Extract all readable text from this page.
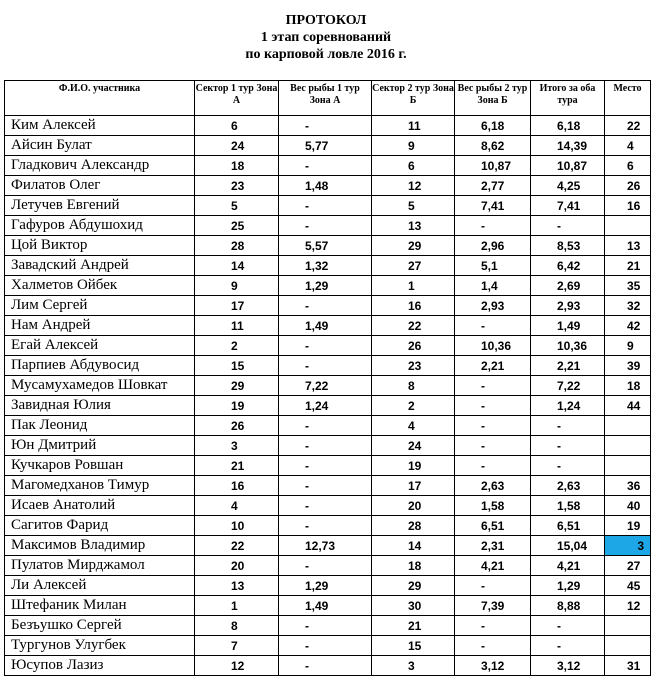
ПРОТОКОЛ
1 этап соревнований
по карповой ловле 2016 г.
Ф.И.О. участника	Сектор 1 тур Зона А	Вес рыбы 1 тур Зона А	Сектор 2 тур Зона Б	Вес рыбы 2 тур Зона Б	Итого за оба тура	Место
Ким Алексей	6	-	11	6,18	6,18	22
Айсин Булат	24	5,77	9	8,62	14,39	4
Гладкович Александр	18	-	6	10,87	10,87	6
Филатов Олег	23	1,48	12	2,77	4,25	26
Летучев Евгений	5	-	5	7,41	7,41	16
Гафуров Абдушохид	25	-	13	-	-	
Цой Виктор	28	5,57	29	2,96	8,53	13
Завадский Андрей	14	1,32	27	5,1	6,42	21
Халметов Ойбек	9	1,29	1	1,4	2,69	35
Лим Сергей	17	-	16	2,93	2,93	32
Нам Андрей	11	1,49	22	-	1,49	42
Егай Алексей	2	-	26	10,36	10,36	9
Парпиев Абдувосид	15	-	23	2,21	2,21	39
Мусамухамедов Шовкат	29	7,22	8	-	7,22	18
Завидная Юлия	19	1,24	2	-	1,24	44
Пак Леонид	26	-	4	-	-	
Юн Дмитрий	3	-	24	-	-	
Кучкаров Ровшан	21	-	19	-	-	
Магомедханов Тимур	16	-	17	2,63	2,63	36
Исаев Анатолий	4	-	20	1,58	1,58	40
Сагитов Фарид	10	-	28	6,51	6,51	19
Максимов Владимир	22	12,73	14	2,31	15,04	3
Пулатов Мирджамол	20	-	18	4,21	4,21	27
Ли Алексей	13	1,29	29	-	1,29	45
Штефаник Милан	1	1,49	30	7,39	8,88	12
Безъушко Сергей	8	-	21	-	-	
Тургунов Улугбек	7	-	15	-	-	
Юсупов Лазиз	12	-	3	3,12	3,12	31
